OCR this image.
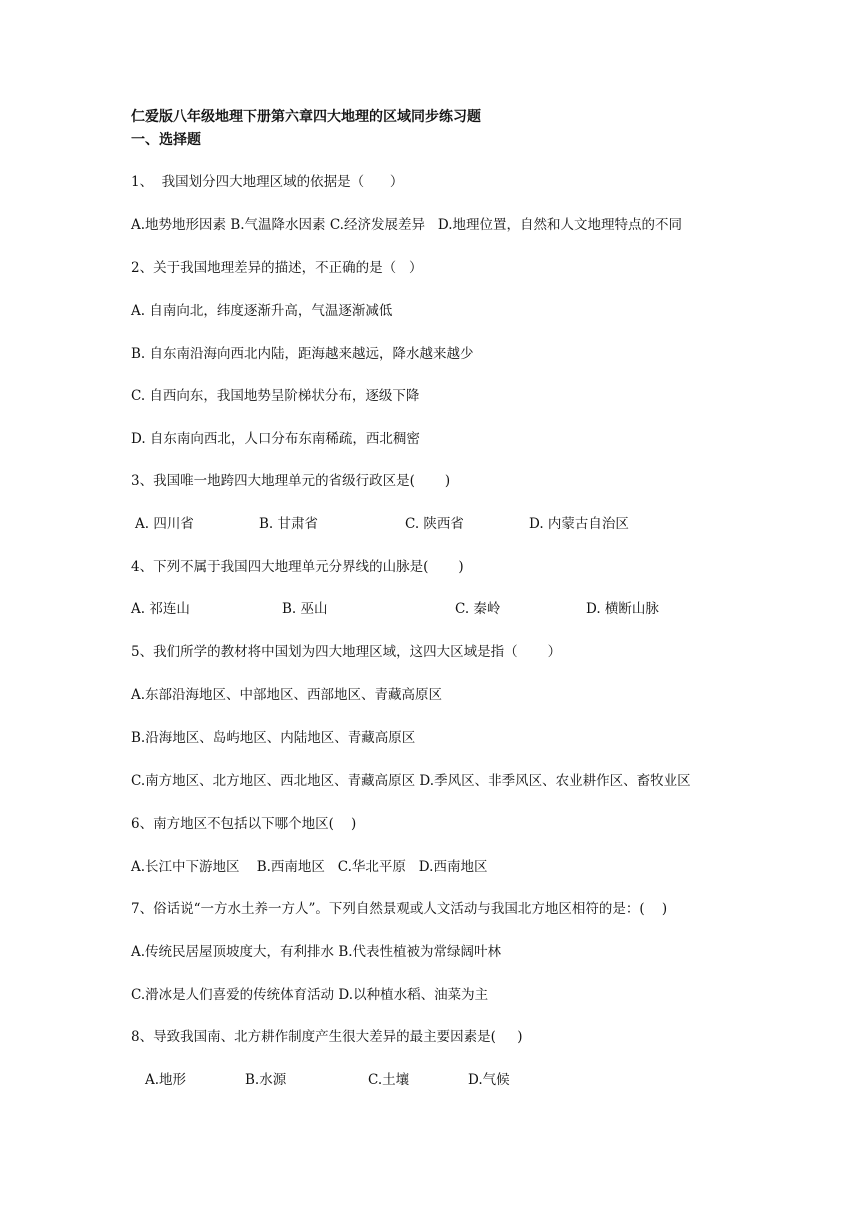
仁爱版八年级地理下册第六章四大地理的区域同步练习题
一、选择题
1、  我国划分四大地理区域的依据是（      ）
A.地势地形因素 B.气温降水因素 C.经济发展差异   D.地理位置，自然和人文地理特点的不同
2、关于我国地理差异的描述，不正确的是（   ）
A. 自南向北，纬度逐渐升高，气温逐渐减低
B. 自东南沿海向西北内陆，距海越来越远，降水越来越少
C. 自西向东，我国地势呈阶梯状分布，逐级下降
D. 自东南向西北，人口分布东南稀疏，西北稠密
3、我国唯一地跨四大地理单元的省级行政区是(       )
A. 四川省	B. 甘肃省	C. 陕西省	D. 内蒙古自治区
4、下列不属于我国四大地理单元分界线的山脉是(       )
A. 祁连山	B. 巫山	C. 秦岭	D. 横断山脉
5、我们所学的教材将中国划为四大地理区域，这四大区域是指（       ）
A.东部沿海地区、中部地区、西部地区、青藏高原区
B.沿海地区、岛屿地区、内陆地区、青藏高原区
C.南方地区、北方地区、西北地区、青藏高原区 D.季风区、非季风区、农业耕作区、畜牧业区
6、南方地区不包括以下哪个地区(    )
A.长江中下游地区    B.西南地区   C.华北平原   D.西南地区
7、俗话说“一方水土养一方人”。下列自然景观或人文活动与我国北方地区相符的是：(    )
A.传统民居屋顶坡度大，有利排水 B.代表性植被为常绿阔叶林
C.滑冰是人们喜爱的传统体育活动 D.以种植水稻、油菜为主
8、导致我国南、北方耕作制度产生很大差异的最主要因素是(     )
A.地形	B.水源	C.土壤	D.气候
